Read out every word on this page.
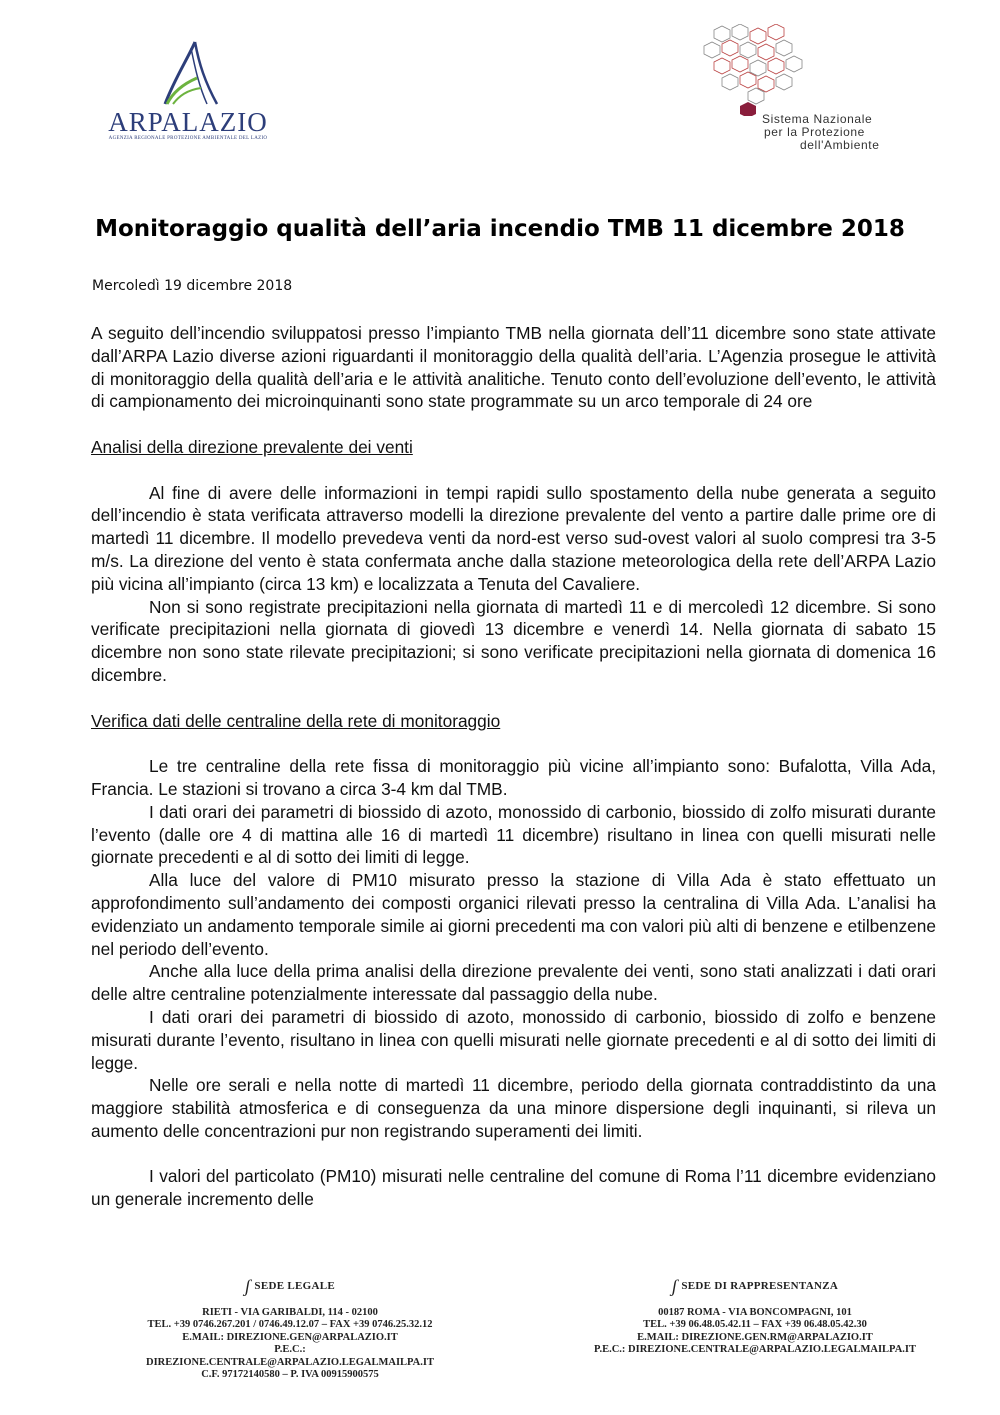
ARPALAZIO
AGENZIA REGIONALE PROTEZIONE AMBIENTALE DEL LAZIO
Sistema Nazionale
per la Protezione
dell'Ambiente
Monitoraggio qualità dell’aria incendio TMB 11 dicembre 2018
Mercoledì 19 dicembre 2018

A seguito dell’incendio sviluppatosi presso l’impianto TMB nella giornata dell’11 dicembre sono state attivate dall’ARPA Lazio diverse azioni riguardanti il monitoraggio della qualità dell’aria. L’Agenzia prosegue le attività di monitoraggio della qualità dell’aria e le attività analitiche. Tenuto conto dell’evoluzione dell’evento, le attività di campionamento dei microinquinanti sono state programmate su un arco temporale di 24 ore

Analisi della direzione prevalente dei venti

Al fine di avere delle informazioni in tempi rapidi sullo spostamento della nube generata a seguito dell’incendio è stata verificata attraverso modelli la direzione prevalente del vento a partire dalle prime ore di martedì 11 dicembre. Il modello prevedeva venti da nord-est verso sud-ovest valori al suolo compresi tra 3-5 m/s. La direzione del vento è stata confermata anche dalla stazione meteorologica della rete dell’ARPA Lazio più vicina all’impianto (circa 13 km) e localizzata a Tenuta del Cavaliere.

Non si sono registrate precipitazioni nella giornata di martedì 11 e di mercoledì 12 dicembre. Si sono verificate precipitazioni nella giornata di giovedì 13 dicembre e venerdì 14. Nella giornata di sabato 15 dicembre non sono state rilevate precipitazioni; si sono verificate precipitazioni nella giornata di domenica 16 dicembre.

Verifica dati delle centraline della rete di monitoraggio

Le tre centraline della rete fissa di monitoraggio più vicine all’impianto sono: Bufalotta, Villa Ada, Francia. Le stazioni si trovano a circa 3-4 km dal TMB.

I dati orari dei parametri di biossido di azoto, monossido di carbonio, biossido di zolfo misurati durante l’evento (dalle ore 4 di mattina alle 16 di martedì 11 dicembre) risultano in linea con quelli misurati nelle giornate precedenti e al di sotto dei limiti di legge.

Alla luce del valore di PM10 misurato presso la stazione di Villa Ada è stato effettuato un approfondimento sull’andamento dei composti organici rilevati presso la centralina di Villa Ada. L’analisi ha evidenziato un andamento temporale simile ai giorni precedenti ma con valori più alti di benzene e etilbenzene nel periodo dell’evento.

Anche alla luce della prima analisi della direzione prevalente dei venti, sono stati analizzati i dati orari delle altre centraline potenzialmente interessate dal passaggio della nube.

I dati orari dei parametri di biossido di azoto, monossido di carbonio, biossido di zolfo e benzene misurati durante l’evento, risultano in linea con quelli misurati nelle giornate precedenti e al di sotto dei limiti di legge.

Nelle ore serali e nella notte di martedì 11 dicembre, periodo della giornata contraddistinto da una maggiore stabilità atmosferica e di conseguenza da una minore dispersione degli inquinanti, si rileva un aumento delle concentrazioni pur non registrando superamenti dei limiti.

I valori del particolato (PM10) misurati nelle centraline del comune di Roma l’11 dicembre evidenziano un generale incremento delle

ʃSEDE LEGALE
RIETI - VIA GARIBALDI, 114 - 02100
TEL. +39 0746.267.201 / 0746.49.12.07 – FAX +39 0746.25.32.12
E.MAIL: DIREZIONE.GEN@ARPALAZIO.IT
P.E.C.: DIREZIONE.CENTRALE@ARPALAZIO.LEGALMAILPA.IT
C.F. 97172140580 – P. IVA 00915900575
ʃSEDE DI RAPPRESENTANZA
00187 ROMA - VIA BONCOMPAGNI, 101
TEL. +39 06.48.05.42.11 – FAX +39 06.48.05.42.30
E.MAIL: DIREZIONE.GEN.RM@ARPALAZIO.IT
P.E.C.: DIREZIONE.CENTRALE@ARPALAZIO.LEGALMAILPA.IT
